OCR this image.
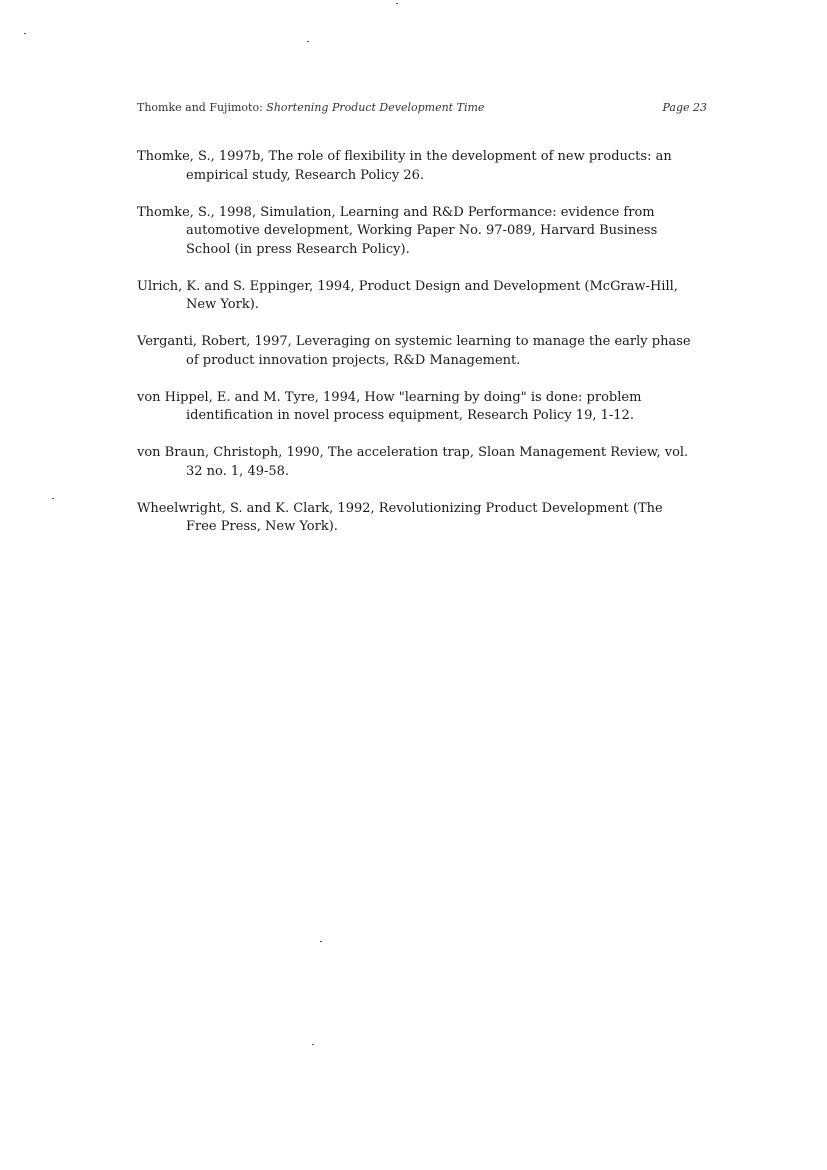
Thomke and Fujimoto: Shortening Product Development Time	Page 23
Thomke, S., 1997b, The role of flexibility in the development of new products: an empirical study, Research Policy 26.
Thomke, S., 1998, Simulation, Learning and R&D Performance: evidence from automotive development, Working Paper No. 97-089, Harvard Business School (in press Research Policy).
Ulrich, K. and S. Eppinger, 1994, Product Design and Development (McGraw-Hill, New York).
Verganti, Robert, 1997, Leveraging on systemic learning to manage the early phase of product innovation projects, R&D Management.
von Hippel, E. and M. Tyre, 1994, How "learning by doing" is done: problem identification in novel process equipment, Research Policy 19, 1-12.
von Braun, Christoph, 1990, The acceleration trap, Sloan Management Review, vol. 32 no. 1, 49-58.
Wheelwright, S. and K. Clark, 1992, Revolutionizing Product Development (The Free Press, New York).
